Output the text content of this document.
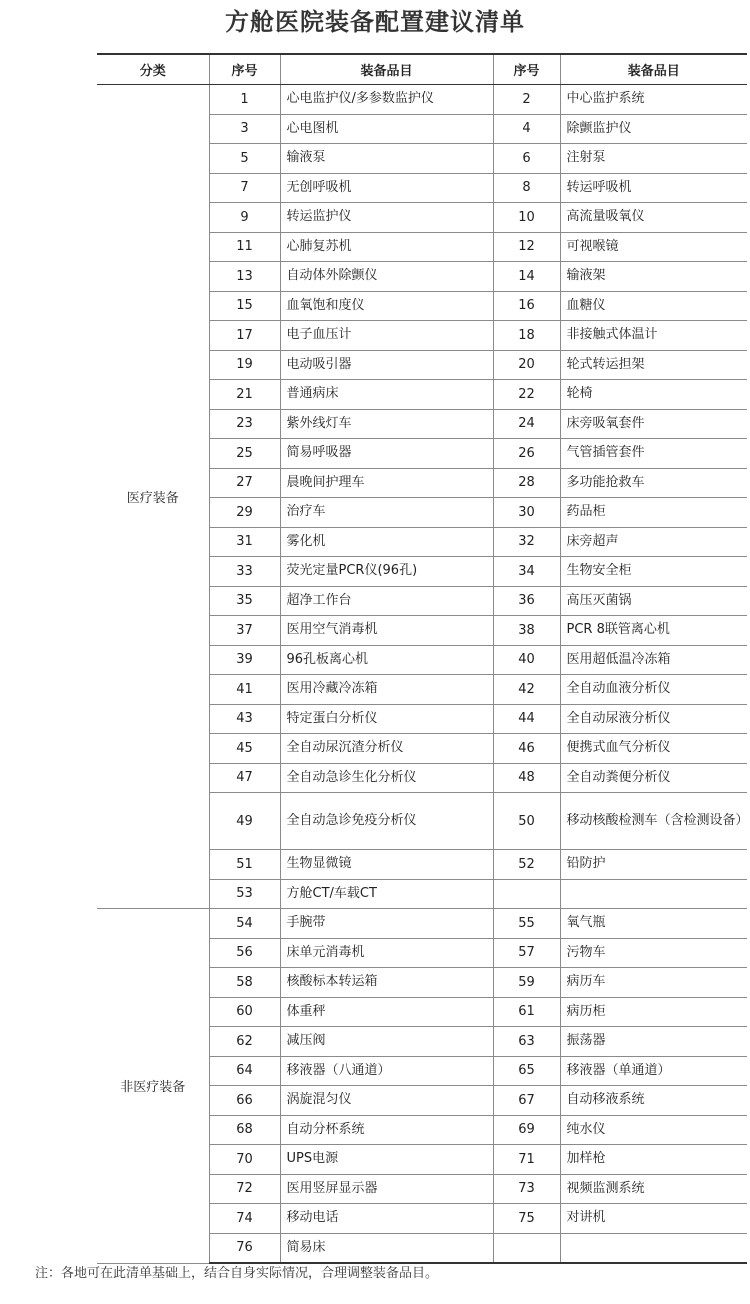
方舱医院装备配置建议清单
分类	序号	装备品目	序号	装备品目
医疗装备	1	心电监护仪/多参数监护仪	2	中心监护系统
	3	心电图机	4	除颤监护仪
	5	输液泵	6	注射泵
	7	无创呼吸机	8	转运呼吸机
	9	转运监护仪	10	高流量吸氧仪
	11	心肺复苏机	12	可视喉镜
	13	自动体外除颤仪	14	输液架
	15	血氧饱和度仪	16	血糖仪
	17	电子血压计	18	非接触式体温计
	19	电动吸引器	20	轮式转运担架
	21	普通病床	22	轮椅
	23	紫外线灯车	24	床旁吸氧套件
	25	简易呼吸器	26	气管插管套件
	27	晨晚间护理车	28	多功能抢救车
	29	治疗车	30	药品柜
	31	雾化机	32	床旁超声
	33	荧光定量PCR仪(96孔)	34	生物安全柜
	35	超净工作台	36	高压灭菌锅
	37	医用空气消毒机	38	PCR 8联管离心机
	39	96孔板离心机	40	医用超低温冷冻箱
	41	医用冷藏冷冻箱	42	全自动血液分析仪
	43	特定蛋白分析仪	44	全自动尿液分析仪
	45	全自动尿沉渣分析仪	46	便携式血气分析仪
	47	全自动急诊生化分析仪	48	全自动粪便分析仪
	49	全自动急诊免疫分析仪	50	移动核酸检测车（含检测设备）
	51	生物显微镜	52	铅防护
	53	方舱CT/车载CT		
非医疗装备	54	手腕带	55	氧气瓶
	56	床单元消毒机	57	污物车
	58	核酸标本转运箱	59	病历车
	60	体重秤	61	病历柜
	62	减压阀	63	振荡器
	64	移液器（八通道）	65	移液器（单通道）
	66	涡旋混匀仪	67	自动移液系统
	68	自动分杯系统	69	纯水仪
	70	UPS电源	71	加样枪
	72	医用竖屏显示器	73	视频监测系统
	74	移动电话	75	对讲机
	76	简易床		
注：各地可在此清单基础上，结合自身实际情况，合理调整装备品目。
